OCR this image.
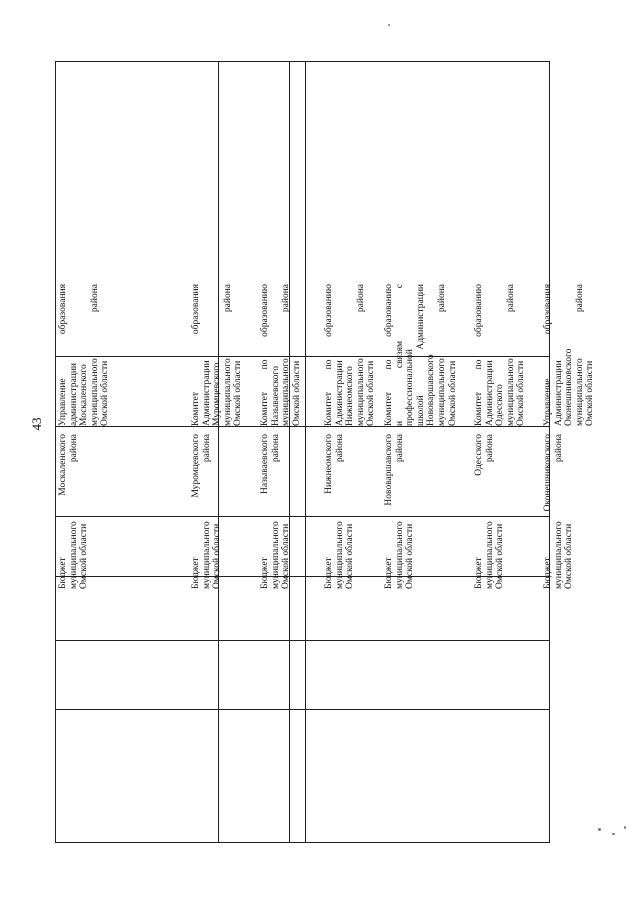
43
Бюджет Москаленского муниципального района Омской области
Управление образования администрации Москаленского муниципального района Омской области
Бюджет Муромцевского муниципального района Омской области
Комитет образования Администрации Муромцевского муниципального района Омской области
Бюджет Называевского муниципального района Омской области
Комитет по образованию Называевского муниципального района Омской области
Бюджет Нижнеомского муниципального района Омской области
Комитет по образованию Администрации Нижнеомского муниципального района Омской области
Бюджет Нововаршавского муниципального района Омской области
Комитет по образованию и связям с профессиональной школой Администрации Нововаршавского муниципального района Омской области
Бюджет Одесского муниципального района Омской области
Комитет по образованию Администрации Одесского муниципального района Омской области
Бюджет Оконешниковского муниципального района Омской области
Управление образования Администрации Оконешниковского муниципального района Омской области
